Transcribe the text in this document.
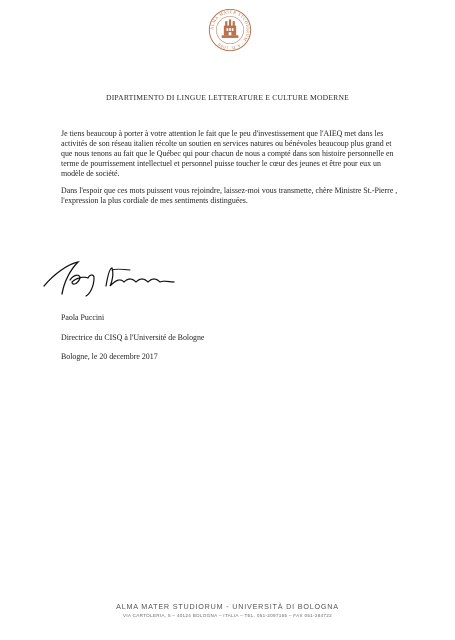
ALMA MATER STUDIORUM · A.D. 1088
DIPARTIMENTO DI LINGUE LETTERATURE E CULTURE MODERNE
Je tiens beaucoup à porter à votre attention le fait que le peu d'investissement que l'AIEQ met dans les activités de son réseau italien récolte un soutien en services natures ou bénévoles beaucoup plus grand et que nous tenons au fait que le Québec qui pour chacun de nous a compté dans son histoire personnelle en terme de pourrissement intellectuel et personnel puisse toucher le cœur des jeunes et être pour eux un modèle de société.
Dans l'espoir que ces mots puissent vous rejoindre, laissez-moi vous transmette, chère Ministre St.-Pierre , l'expression la plus cordiale de mes sentiments distinguées.
Paola Puccini
Directrice du CISQ à l'Université de Bologne
Bologne, le 20 decembre 2017
ALMA MATER STUDIORUM - UNIVERSITÀ DI BOLOGNA
VIA CARTOLERIA, 5 – 40124 BOLOGNA – ITALIA – TEL. 051-2097165 – FAX 051-264722
